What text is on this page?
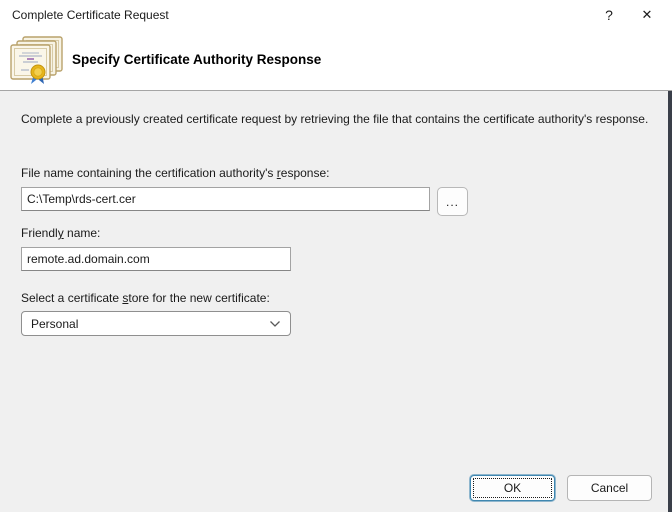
Complete Certificate Request	?	✕
Specify Certificate Authority Response
Complete a previously created certificate request by retrieving the file that contains the certificate authority's response.
File name containing the certification authority's response:
C:\Temp\rds-cert.cer
...
Friendly name:
remote.ad.domain.com
Select a certificate store for the new certificate:
Personal
OK	Cancel
